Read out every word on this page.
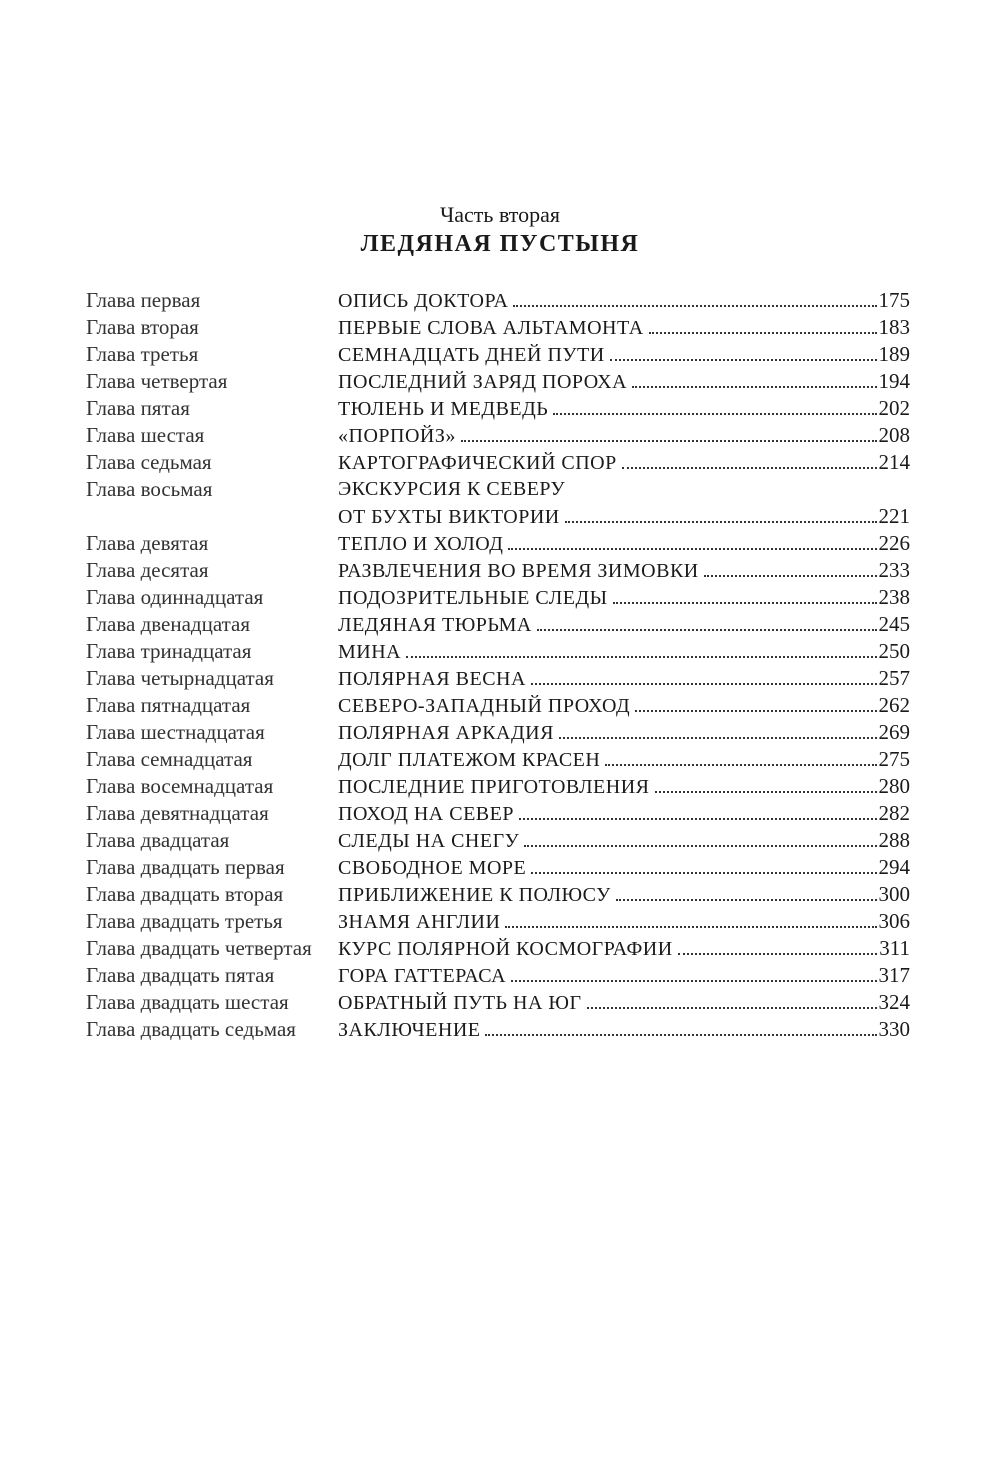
Часть вторая
ЛЕДЯНАЯ ПУСТЫНЯ
Глава первая	ОПИСЬ ДОКТОРА	175
Глава вторая	ПЕРВЫЕ СЛОВА АЛЬТАМОНТА	183
Глава третья	СЕМНАДЦАТЬ ДНЕЙ ПУТИ	189
Глава четвертая	ПОСЛЕДНИЙ ЗАРЯД ПОРОХА	194
Глава пятая	ТЮЛЕНЬ И МЕДВЕДЬ	202
Глава шестая	«ПОРПОЙЗ»	208
Глава седьмая	КАРТОГРАФИЧЕСКИЙ СПОР	214
Глава восьмая	ЭКСКУРСИЯ К СЕВЕРУ
ОТ БУХТЫ ВИКТОРИИ	221
Глава девятая	ТЕПЛО И ХОЛОД	226
Глава десятая	РАЗВЛЕЧЕНИЯ ВО ВРЕМЯ ЗИМОВКИ	233
Глава одиннадцатая	ПОДОЗРИТЕЛЬНЫЕ СЛЕДЫ	238
Глава двенадцатая	ЛЕДЯНАЯ ТЮРЬМА	245
Глава тринадцатая	МИНА	250
Глава четырнадцатая	ПОЛЯРНАЯ ВЕСНА	257
Глава пятнадцатая	СЕВЕРО-ЗАПАДНЫЙ ПРОХОД	262
Глава шестнадцатая	ПОЛЯРНАЯ АРКАДИЯ	269
Глава семнадцатая	ДОЛГ ПЛАТЕЖОМ КРАСЕН	275
Глава восемнадцатая	ПОСЛЕДНИЕ ПРИГОТОВЛЕНИЯ	280
Глава девятнадцатая	ПОХОД НА СЕВЕР	282
Глава двадцатая	СЛЕДЫ НА СНЕГУ	288
Глава двадцать первая	СВОБОДНОЕ МОРЕ	294
Глава двадцать вторая	ПРИБЛИЖЕНИЕ К ПОЛЮСУ	300
Глава двадцать третья	ЗНАМЯ АНГЛИИ	306
Глава двадцать четвертая	КУРС ПОЛЯРНОЙ КОСМОГРАФИИ	311
Глава двадцать пятая	ГОРА ГАТТЕРАСА	317
Глава двадцать шестая	ОБРАТНЫЙ ПУТЬ НА ЮГ	324
Глава двадцать седьмая	ЗАКЛЮЧЕНИЕ	330
